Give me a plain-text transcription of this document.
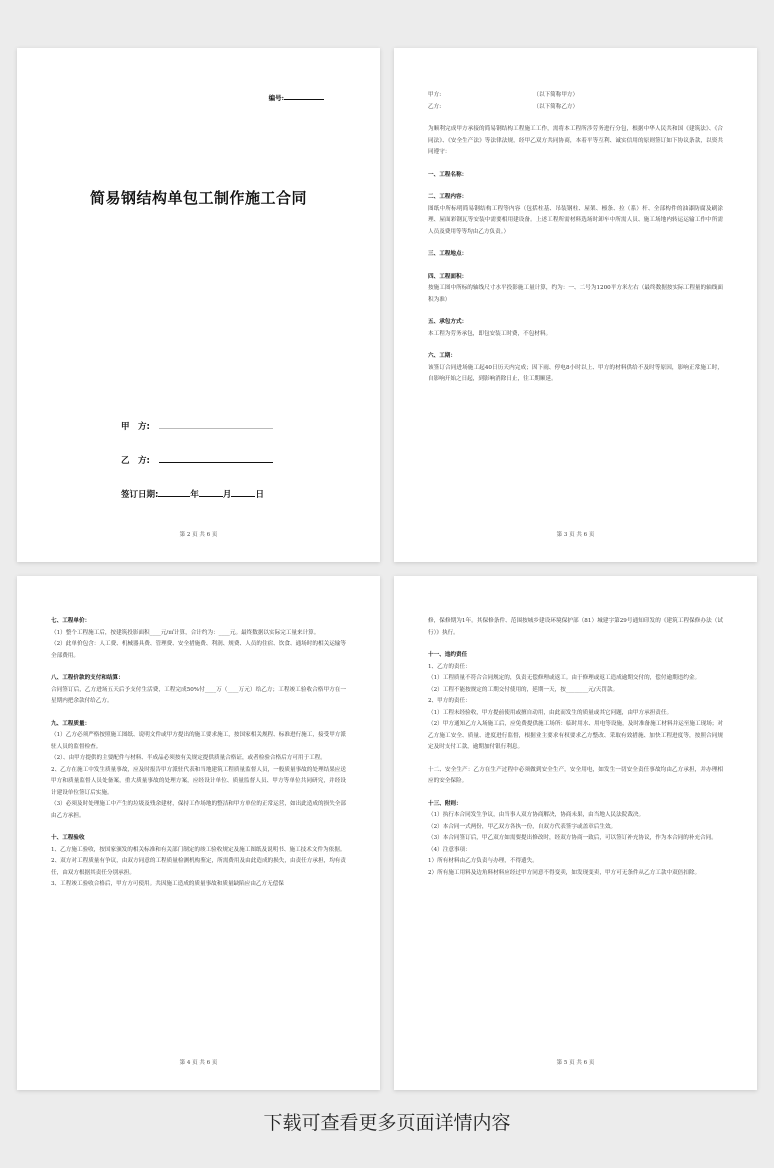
编号:
简易钢结构单包工制作施工合同
甲　方:
乙　方:
签订日期:	年	月	日
第 2 页 共 6 页

甲方:　　　　　　　　　　　　　　　　　（以下简称甲方）

乙方:　　　　　　　　　　　　　　　　　（以下简称乙方）

为顺利完成甲方承接的简易钢结构工程施工工作，需将本工程所涉劳务进行分包，根据中华人民共和国《建筑法》、《合同法》、《安全生产法》等法律法规，经甲乙双方共同协商，本着平等互利、诚实信用的原则签订如下协议条款，以资共同遵守：

一、工程名称：

二、工程内容：

图纸中所标明简易钢结构工程等内容（包括柱基、吊装钢柱、屋架、檩条、拉（系）杆、全部构件的油漆防腐及刷涂理、屋面彩钢瓦等安装中需要相用建设备。上述工程所需材料选场时卸车中所需人员、施工场地内转运运输工作中所需人员及费用等等均由乙方负责。）

三、工程地点：

四、工程面积：

按施工图中所标的轴线尺寸水平投影施工量计算，约为：一、二号为1200平方米左右（最终数据按实际工程量的轴线面积为准）

五、承包方式：

本工程为劳务承包，即包安装工时费，不包材料。

六、工期：

该签订合同进场施工起40日历天内完成；因下雨、停电8小时以上、甲方的材料供给不及时等原因，影响正常施工时，自影响开始之日起，到影响消除日止，往工期顺延。

第 3 页 共 6 页

七、工程单价：

（1）整个工程施工后，按建筑投影面积____元/㎡计算，合计约为：____元。最终数据以实际完工量来计算。

（2）此单价包含：人工费、机械器具费、管理费、安全措施费、利润、规费、人员的住宿、饮食、通场时的相关运输等全部费用。

八、工程价款的支付和结算：

合同签订后，乙方进场五天后予支付生活费，工程完成50%付____万（____万元）给乙方；工程竣工验收合格甲方在一星期内把余款付给乙方。

九、工程质量：

（1）乙方必须严格按照施工图纸、说明文件或甲方提出的施工要求施工，按国家相关规程、标准进行施工，接受甲方派驻人员的监督检查。

（2）、由甲方提供的主要配件与材料、半成品必须按有关规定提供质量合格证，或者检验合格后方可用于工程。

2、乙方在施工中发生质量事故，应及时报告甲方派驻代表和当地建筑工程质量监督人员，一般质量事故的处理结果应送甲方和质量监督人员处备案，重大质量事故的处理方案，应经设计单位、质量监督人员、甲方等单位共同研究，并经设计建设单位签订后实施。

（3）必须及时处理施工中产生的垃圾及残余建材，保持工作场地的整洁和甲方单位的正常运营，如出此造成的损失全部由乙方承担。

十、工程验收

1、乙方施工验收，按国家颁发的相关标准和有关部门制定的竣工验收规定及施工图纸及说明书、施工技术文件为依据。

2、双方对工程质量有争议，由双方同意的工程质量检测机构鉴定，所需费用及由此造成的损失，由责任方承担，均有责任，由双方根据其责任分别承担。

3、工程竣工验收合格后，甲方方可使用。共因施工造成的质量事故和质量缺陷应由乙方无偿保

第 4 页 共 6 页

修，保修期为1年。其保修条件、范围按城乡建设环境保护部（81）城建字第29号通知印发的《建筑工程保修办法（试行）》执行。

十一、违约责任

1、乙方的责任：

（1）工程质量不符合合同规定的，负责无偿修理或返工。由于修理或返工造成逾期交付的，偿付逾期违约金。

（2）工程不能按规定的工期交付使用的，延期一天，按________元/天罚款。

2、甲方的责任：

（1）工程未经验收，甲方提前使用或擅自动用，由此而发生的质量或其它问题，由甲方承担责任。

（2）甲方通知乙方入场施工后，应免费提供施工场所：临时用水、用电等设施，及时准备施工材料并运至施工现场；对乙方施工安全、质量、进度进行监督，根据业主要求有权要求乙方整改、采取有效措施、加快工程进度等，按照合同规定及时支付工款，逾期加付银行利息。

十二、安全生产：乙方在生产过程中必须做到安全生产，安全用电，如发生一切安全责任事故均由乙方承担，并办理相应的安全保险。

十三、附则：

（1）执行本合同发生争议，由当事人双方协商解决，协商未果，由当地人民法院裁决。

（2）本合同一式两份，甲乙双方各执一份，自双方代表签字或盖章后生效。

（3）本合同签订后，甲乙双方如需要提出修改时，经双方协商一致后，可以签订补充协议，作为本合同的补充合同。

（4）注意事项：

1）所有材料由乙方负责与办理，不得遗失。

2）所有施工用料及边角料材料应经过甲方同意不得变卖，如发现变卖，甲方可无条件从乙方工款中双倍扣除。

第 5 页 共 6 页
下载可查看更多页面详情内容
